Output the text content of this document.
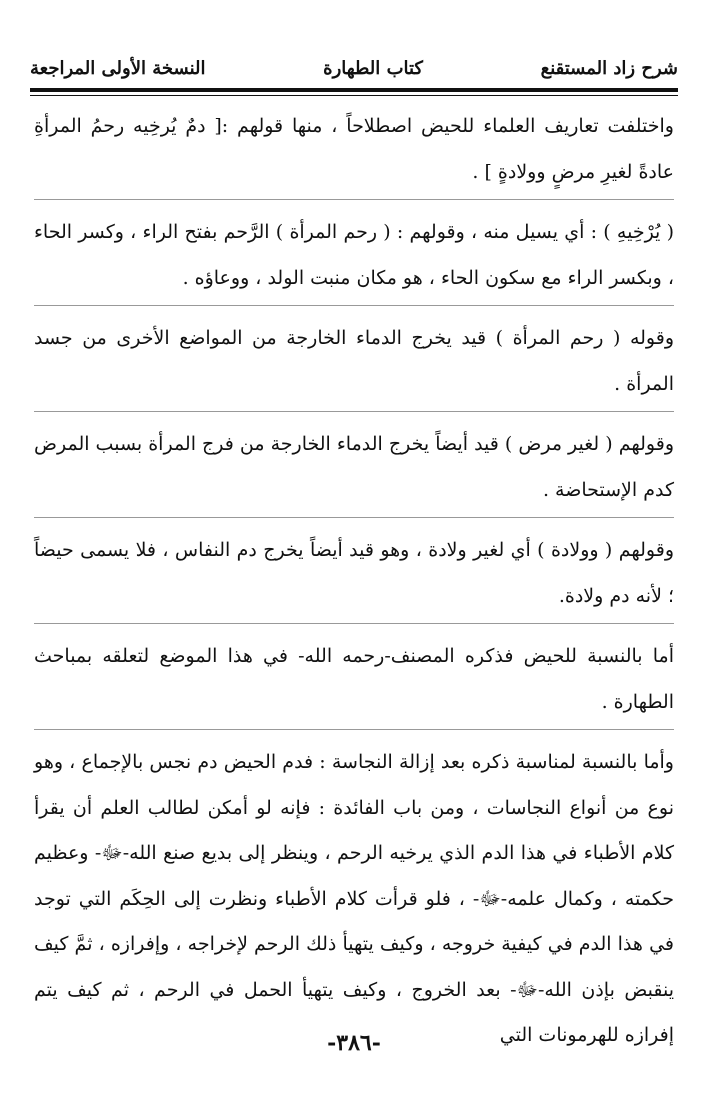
شرح زاد المستقنع
كتاب الطهارة
النسخة الأولى المراجعة

واختلفت تعاريف العلماء للحيض اصطلاحاً ، منها قولهم :[ دمٌ يُرخِيه رحمُ المرأةِ عادةً لغيرِ مرضٍ وولادةٍ ] .

( يُرْخِيهِ ) : أي يسيل منه ، وقولهم : ( رحم المرأة ) الرَّحم بفتح الراء ، وكسر الحاء ، وبكسر الراء مع سكون الحاء ، هو مكان منبت الولد ، ووعاؤه .

وقوله ( رحم المرأة ) قيد يخرج الدماء الخارجة من المواضع الأخرى من جسد المرأة .

وقولهم ( لغير مرض ) قيد أيضاً يخرج الدماء الخارجة من فرج المرأة بسبب المرض كدم الإستحاضة .

وقولهم ( وولادة ) أي لغير ولادة ، وهو قيد أيضاً يخرج دم النفاس ، فلا يسمى حيضاً ؛ لأنه دم ولادة.

أما بالنسبة للحيض فذكره المصنف-رحمه الله- في هذا الموضع لتعلقه بمباحث الطهارة .

وأما بالنسبة لمناسبة ذكره بعد إزالة النجاسة : فدم الحيض دم نجس بالإجماع ، وهو نوع من أنواع النجاسات ، ومن باب الفائدة : فإنه لو أمكن لطالب العلم أن يقرأ كلام الأطباء في هذا الدم الذي يرخيه الرحم ، وينظر إلى بديع صنع الله-ﷻ- وعظيم حكمته ، وكمال علمه-ﷻ- ، فلو قرأت كلام الأطباء ونظرت إلى الحِكَم التي توجد في هذا الدم في كيفية خروجه ، وكيف يتهيأ ذلك الرحم لإخراجه ، وإفرازه ، ثمَّ كيف ينقبض بإذن الله-ﷻ- بعد الخروج ، وكيف يتهيأ الحمل في الرحم ، ثم كيف يتم إفرازه للهرمونات التي

-٣٨٦-
